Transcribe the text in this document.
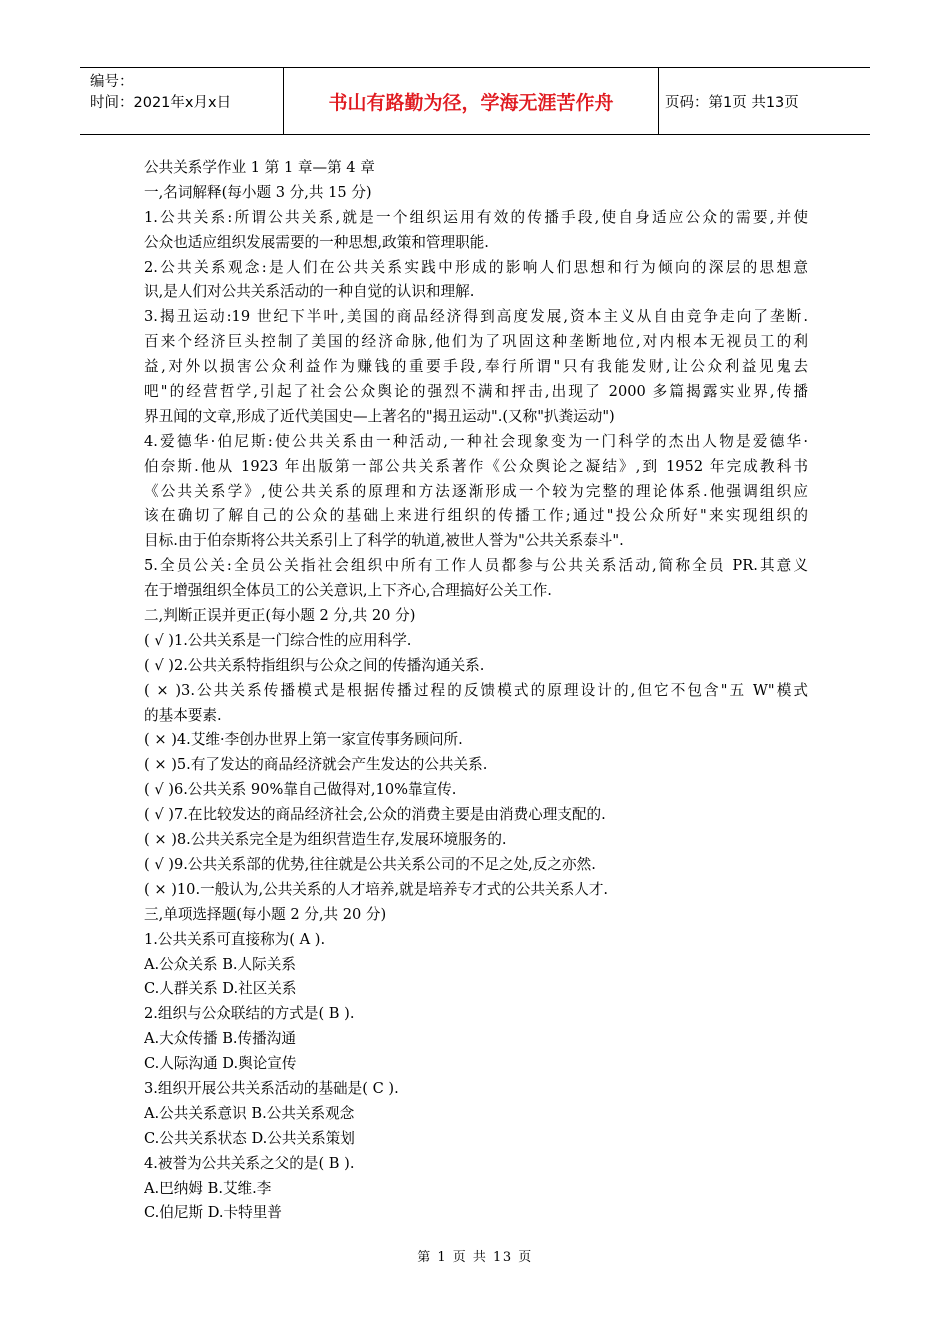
编号：
时间：2021年x月x日	书山有路勤为径，学海无涯苦作舟	页码：第1页 共13页
公共关系学作业 1 第 1 章—第 4 章
一,名词解释(每小题 3 分,共 15 分)
1.公共关系:所谓公共关系,就是一个组织运用有效的传播手段,使自身适应公众的需要,并使
公众也适应组织发展需要的一种思想,政策和管理职能.
2.公共关系观念:是人们在公共关系实践中形成的影响人们思想和行为倾向的深层的思想意
识,是人们对公共关系活动的一种自觉的认识和理解.
3.揭丑运动:19 世纪下半叶,美国的商品经济得到高度发展,资本主义从自由竞争走向了垄断.
百来个经济巨头控制了美国的经济命脉,他们为了巩固这种垄断地位,对内根本无视员工的利
益,对外以损害公众利益作为赚钱的重要手段,奉行所谓"只有我能发财,让公众利益见鬼去
吧"的经营哲学,引起了社会公众舆论的强烈不满和抨击,出现了 2000 多篇揭露实业界,传播
界丑闻的文章,形成了近代美国史—上著名的"揭丑运动".(又称"扒粪运动")
4.爱德华·伯尼斯:使公共关系由一种活动,一种社会现象变为一门科学的杰出人物是爱德华·
伯奈斯.他从 1923 年出版第一部公共关系著作《公众舆论之凝结》,到 1952 年完成教科书
《公共关系学》,使公共关系的原理和方法逐渐形成一个较为完整的理论体系.他强调组织应
该在确切了解自己的公众的基础上来进行组织的传播工作;通过"投公众所好"来实现组织的
目标.由于伯奈斯将公共关系引上了科学的轨道,被世人誉为"公共关系泰斗".
5.全员公关:全员公关指社会组织中所有工作人员都参与公共关系活动,简称全员 PR.其意义
在于增强组织全体员工的公关意识,上下齐心,合理搞好公关工作.
二,判断正误并更正(每小题 2 分,共 20 分)
( √ )1.公共关系是一门综合性的应用科学.
( √ )2.公共关系特指组织与公众之间的传播沟通关系.
( × )3.公共关系传播模式是根据传播过程的反馈模式的原理设计的,但它不包含"五 W"模式
的基本要素.
( × )4.艾维·李创办世界上第一家宣传事务顾问所.
( × )5.有了发达的商品经济就会产生发达的公共关系.
( √ )6.公共关系 90%靠自己做得对,10%靠宣传.
( √ )7.在比较发达的商品经济社会,公众的消费主要是由消费心理支配的.
( × )8.公共关系完全是为组织营造生存,发展环境服务的.
( √ )9.公共关系部的优势,往往就是公共关系公司的不足之处,反之亦然.
( × )10.一般认为,公共关系的人才培养,就是培养专才式的公共关系人才.
三,单项选择题(每小题 2 分,共 20 分)
1.公共关系可直接称为( A ).
A.公众关系 B.人际关系
C.人群关系 D.社区关系
2.组织与公众联结的方式是( B ).
A.大众传播 B.传播沟通
C.人际沟通 D.舆论宣传
3.组织开展公共关系活动的基础是( C ).
A.公共关系意识 B.公共关系观念
C.公共关系状态 D.公共关系策划
4.被誉为公共关系之父的是( B ).
A.巴纳姆 B.艾维.李
C.伯尼斯 D.卡特里普
第 1 页 共 13 页
